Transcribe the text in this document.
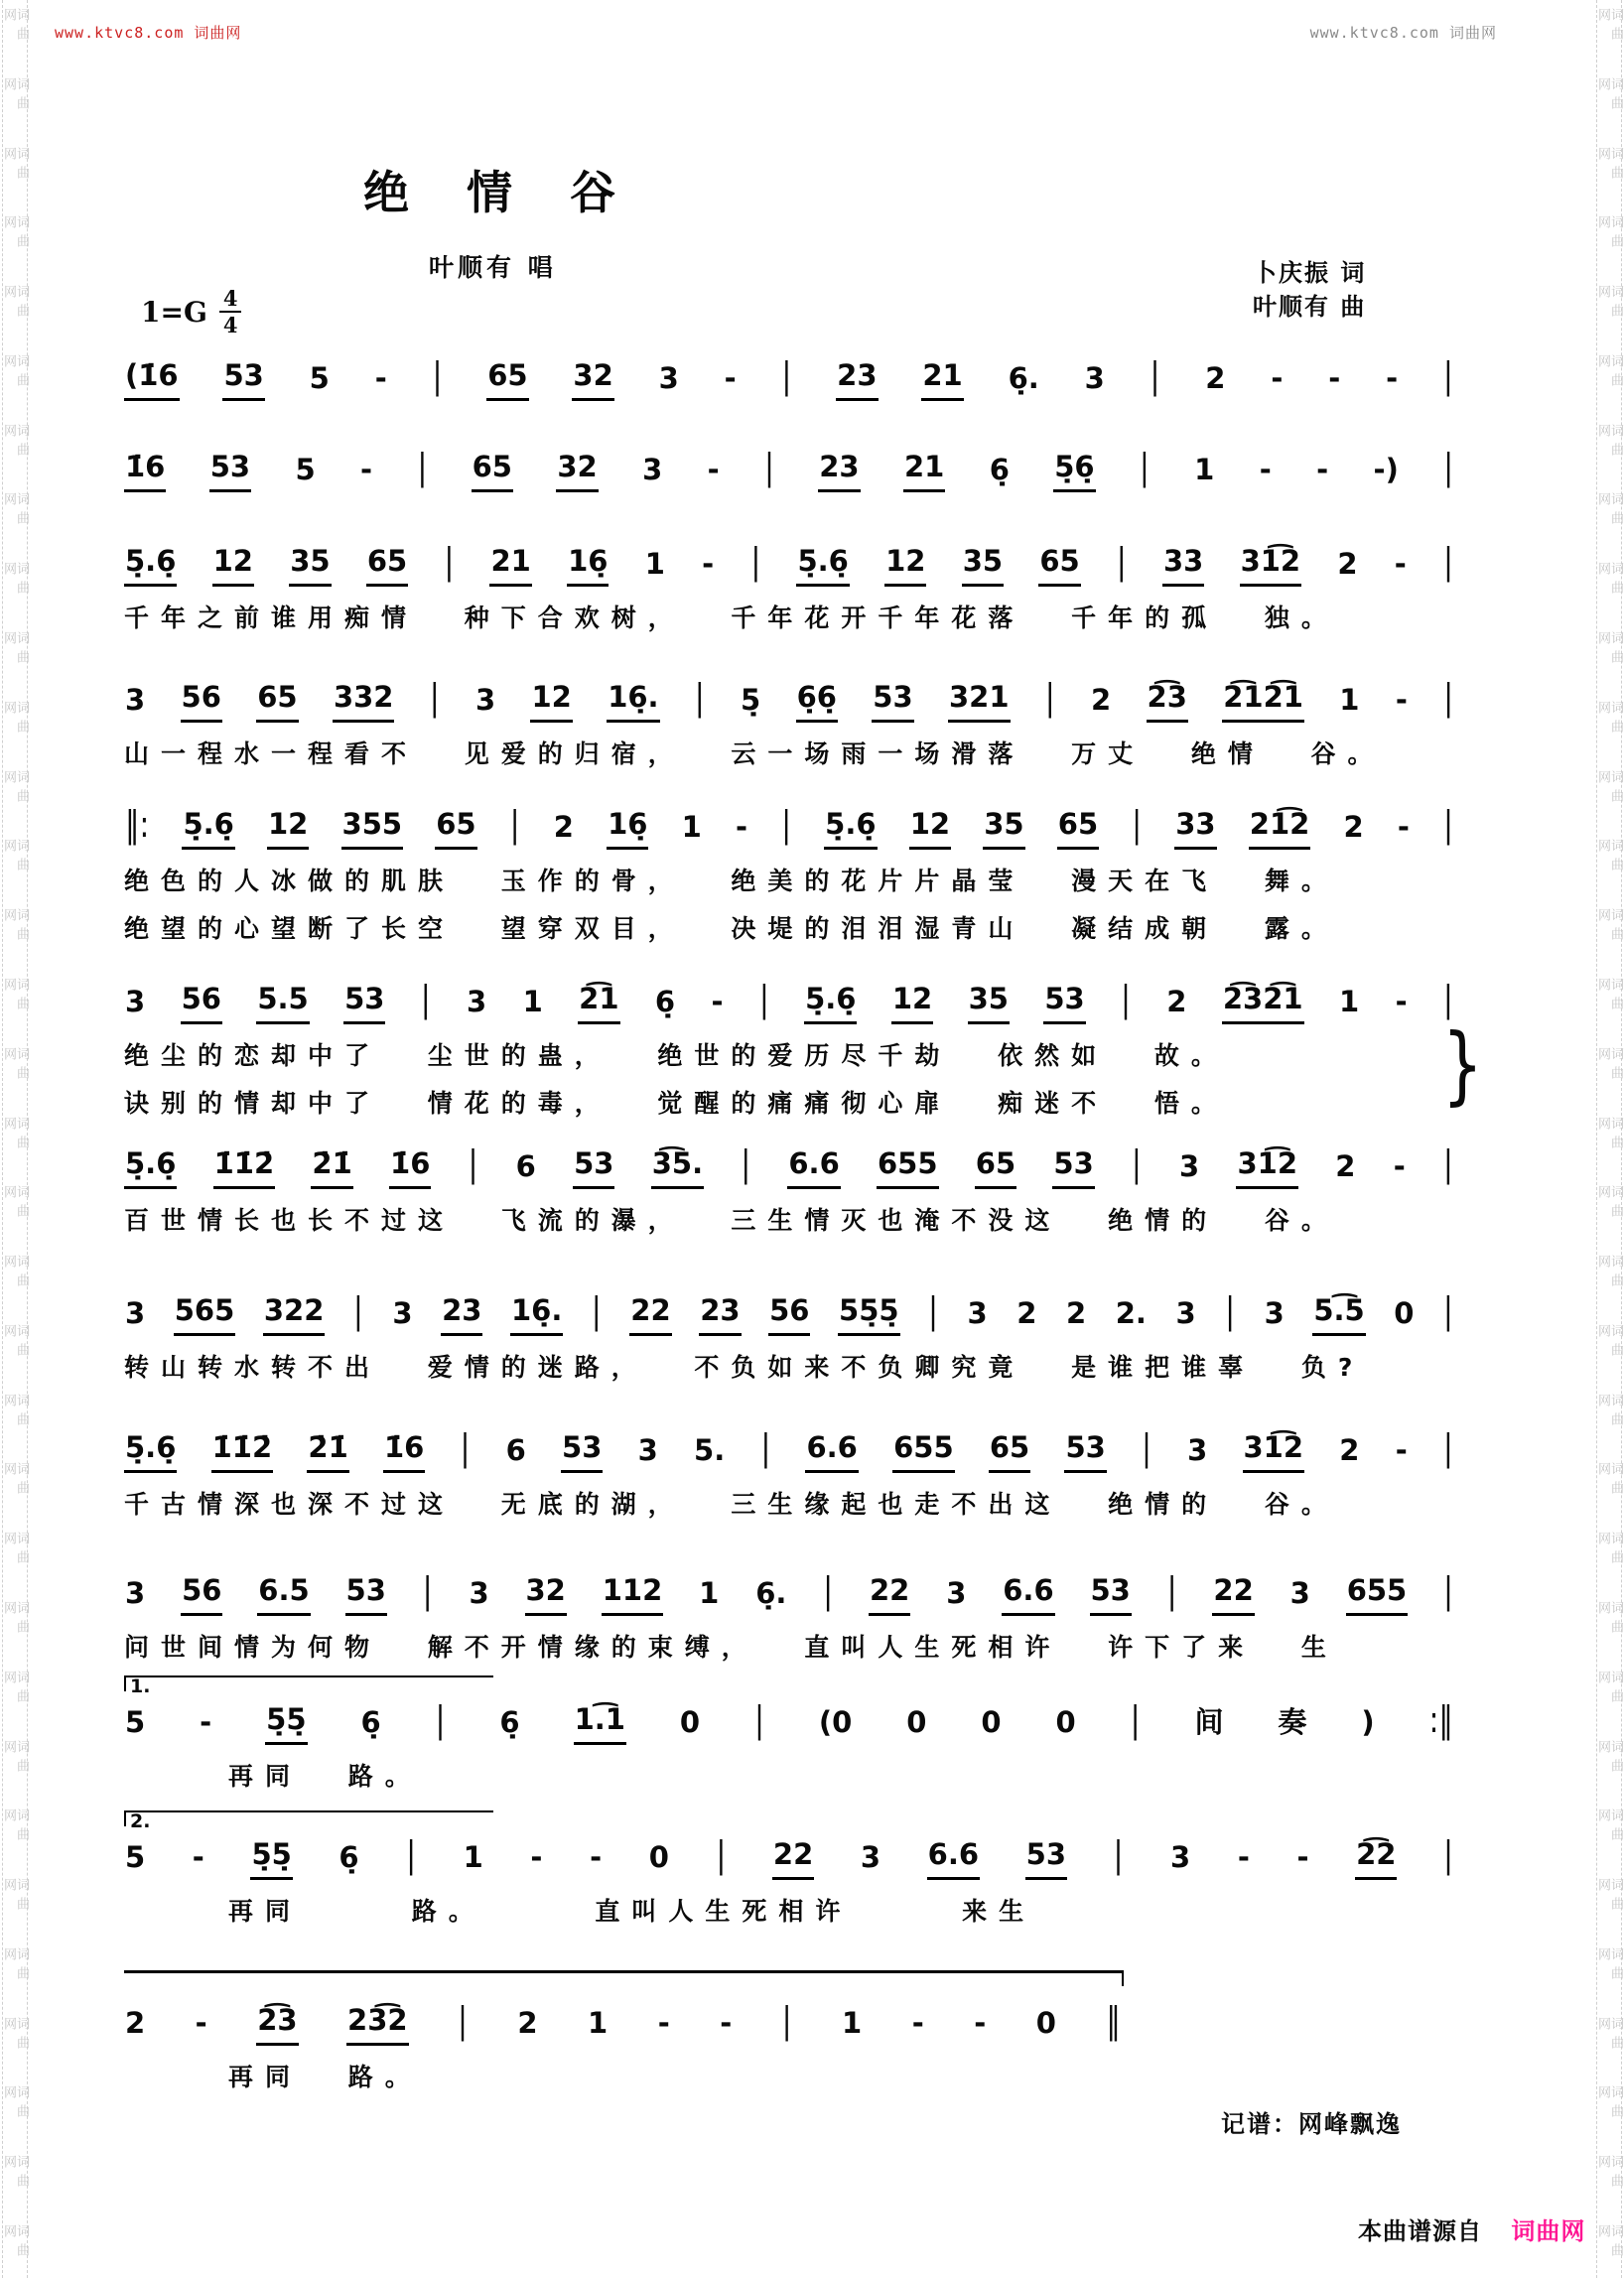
词曲网
词曲网
词曲网
词曲网
词曲网
词曲网
词曲网
词曲网
词曲网
词曲网
词曲网
词曲网
词曲网
词曲网
词曲网
词曲网
词曲网
词曲网
词曲网
词曲网
词曲网
词曲网
词曲网
词曲网
词曲网
词曲网
词曲网
词曲网
词曲网
词曲网
词曲网
词曲网
词曲网
词曲网
词曲网
词曲网
词曲网
词曲网
词曲网
词曲网
词曲网
词曲网
词曲网
词曲网
词曲网
词曲网
词曲网
词曲网
词曲网
词曲网
词曲网
词曲网
词曲网
词曲网
词曲网
词曲网
词曲网
词曲网
词曲网
词曲网
词曲网
词曲网
词曲网
词曲网
词曲网
词曲网
www.ktvc8.com 词曲网	www.ktvc8.com 词曲网
绝情谷
叶顺有 唱	卜庆振 词
叶顺有 曲
$1=G \frac{4}{4}$
(1̇6 53 5 - | 65 32 3 - | 23 21 6̣. 3 | 2 - - - |
1̇6 53 5 - | 65 32 3 - | 23 21 6̣ 5̣6̣ | 1 - - -) |
5̣.6̣ 12 35 65 | 21 16̣ 1 - | 5̣.6̣ 12 35 65 | 33 31͡2 2 - |
千年之前谁用痴情 种下合欢树， 千年花开千年花落 千年的孤 独。
3 56 65 332 | 3 12 16̣. | 5̣ 6̣6̣ 53 321 | 2 2͡3 2͡12͡1 1 - |
山一程水一程看不 见爱的归宿， 云一场雨一场滑落 万丈 绝情 谷。
‖: 5̣.6̣ 12 355 65 | 2 16̣ 1 - | 5̣.6̣ 12 35 65 | 33 21͡2 2 - |
绝色的人冰做的肌肤 玉作的骨， 绝美的花片片晶莹 漫天在飞 舞。
绝望的心望断了长空 望穿双目， 决堤的泪泪湿青山 凝结成朝 露。
3 56 5.5 53 | 3 1 2͡1 6̣ - | 5̣.6̣ 12 35 53 | 2 2͡32͡1 1 - |
绝尘的恋却中了 尘世的蛊， 绝世的爱历尽千劫 依然如 故。
诀别的情却中了 情花的毒， 觉醒的痛痛彻心扉 痴迷不 悟。	}
5̣.6̣ 1̇1̇2̇ 2̇1̇ 1̇6 | 6 53 3͡5. | 6.6 655 65 53 | 3 31͡2 2 - |
百世情长也长不过这 飞流的瀑， 三生情灭也淹不没这 绝情的 谷。
3 565 322 | 3 23 16̣. | 22 23 56 55̣5̣ | 3 2 2 2. 3 | 3 5.͡5 0 |
转山转水转不出 爱情的迷路， 不负如来不负卿究竟 是谁把谁辜 负?
5̣.6̣ 1̇1̇2̇ 2̇1̇ 1̇6 | 6 53 3 5. | 6.6 655 65 53 | 3 31͡2 2 - |
千古情深也深不过这 无底的湖， 三生缘起也走不出这 绝情的 谷。
3 56 6.5 53 | 3 32 112 1 6̣. | 22 3 6.6 53 | 22 3 655 |
问世间情为何物 解不开情缘的束缚， 直叫人生死相许 许下了来 生
1.
5 - 5̣5̣ 6̣ | 6̣ 1.͡1 0 | (0 0 0 0 | 间 奏 ) :‖
再同 路。
2.
5 - 5̣5̣ 6̣ | 1 - - 0 | 22 3 6.6 53 | 3 - - 2͡2 |
再同 路。 直叫人生死相许 来生
2 - 2͡3 23͡2 | 2 1 - - | 1 - - 0 ‖
再同 路。
记谱：网峰飘逸
本曲谱源自 词曲网
